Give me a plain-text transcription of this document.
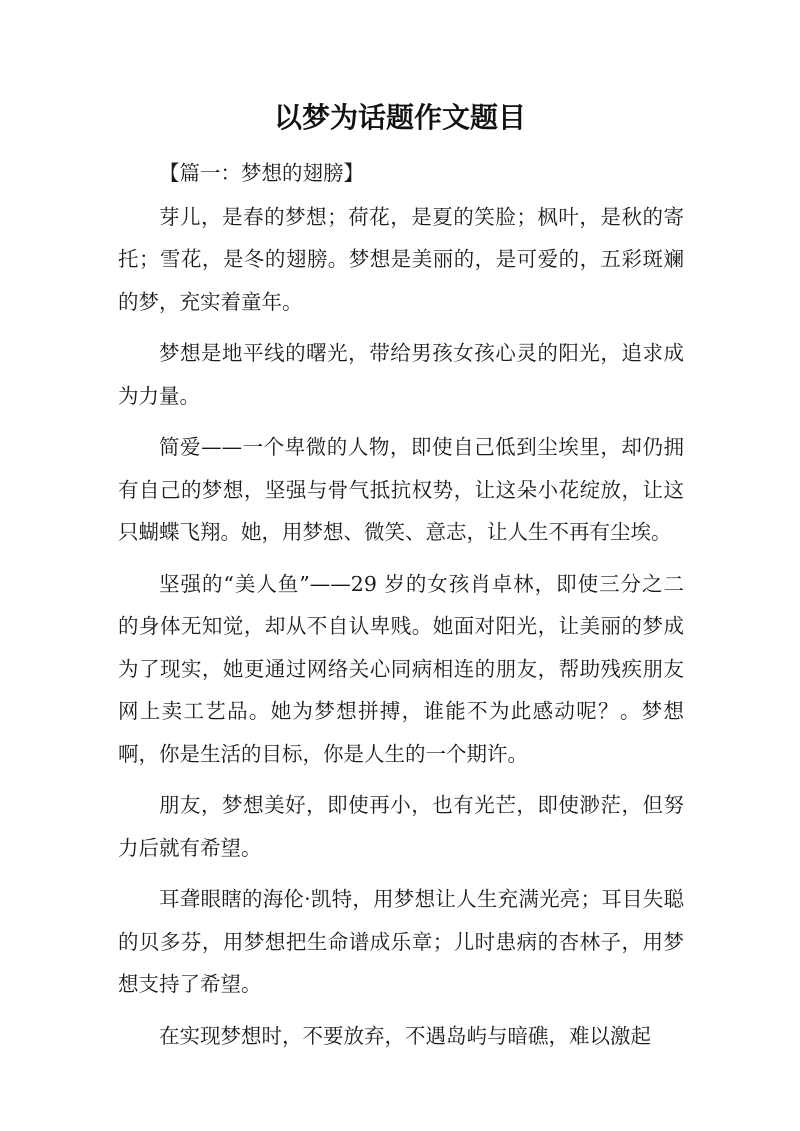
以梦为话题作文题目

【篇一：梦想的翅膀】

芽儿，是春的梦想；荷花，是夏的笑脸；枫叶，是秋的寄托；雪花，是冬的翅膀。梦想是美丽的，是可爱的，五彩斑斓的梦，充实着童年。

梦想是地平线的曙光，带给男孩女孩心灵的阳光，追求成为力量。

简爱——一个卑微的人物，即使自己低到尘埃里，却仍拥有自己的梦想，坚强与骨气抵抗权势，让这朵小花绽放，让这只蝴蝶飞翔。她，用梦想、微笑、意志，让人生不再有尘埃。

坚强的“美人鱼”——29 岁的女孩肖卓林，即使三分之二的身体无知觉，却从不自认卑贱。她面对阳光，让美丽的梦成为了现实，她更通过网络关心同病相连的朋友，帮助残疾朋友网上卖工艺品。她为梦想拼搏，谁能不为此感动呢？。梦想啊，你是生活的目标，你是人生的一个期许。

朋友，梦想美好，即使再小，也有光芒，即使渺茫，但努力后就有希望。

耳聋眼瞎的海伦·凯特，用梦想让人生充满光亮；耳目失聪的贝多芬，用梦想把生命谱成乐章；儿时患病的杏林子，用梦想支持了希望。

在实现梦想时，不要放弃，不遇岛屿与暗礁，难以激起
